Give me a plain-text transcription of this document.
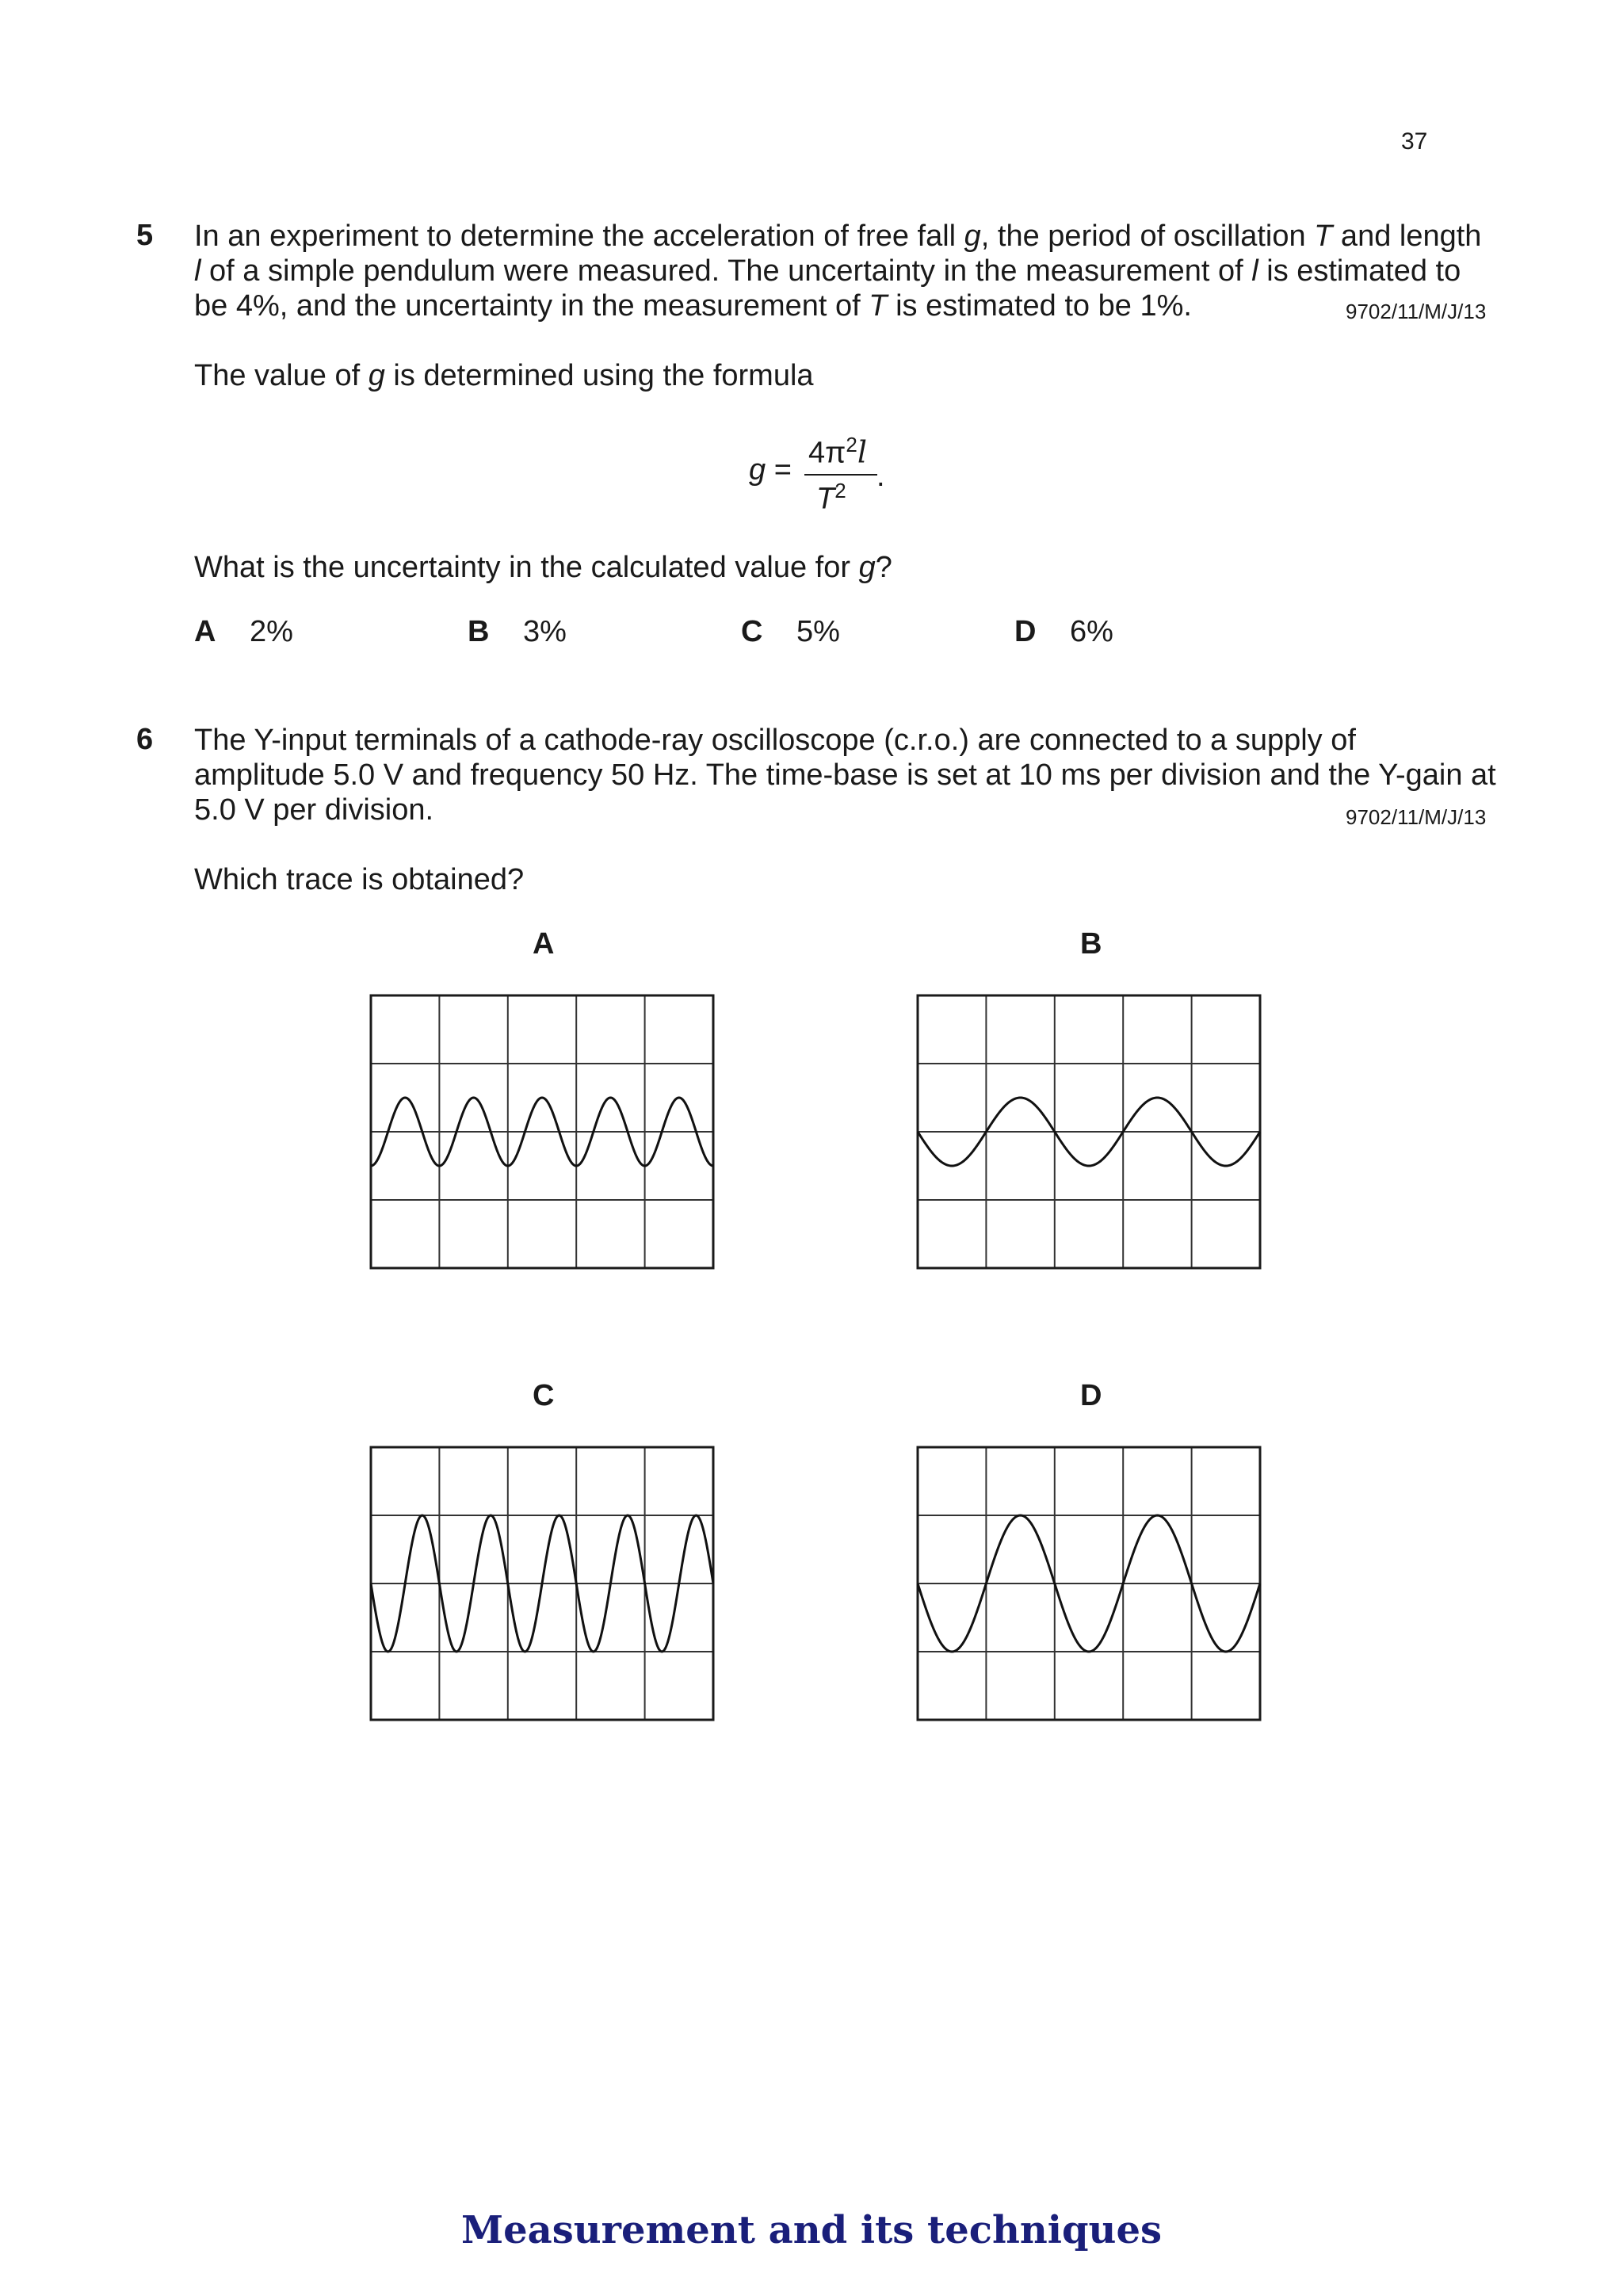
37
5 In an experiment to determine the acceleration of free fall g, the period of oscillation T and length
l of a simple pendulum were measured. The uncertainty in the measurement of l is estimated to
be 4%, and the uncertainty in the measurement of T is estimated to be 1%.	9702/11/M/J/13
The value of g is determined using the formula
g =
$4\pi^2l$
$T^2$ .
What is the uncertainty in the calculated value for g?
A 2%	B 3%	C 5%	D 6%
6 The Y-input terminals of a cathode-ray oscilloscope (c.r.o.) are connected to a supply of
amplitude 5.0 V and frequency 50 Hz. The time-base is set at 10 ms per division and the Y-gain at
5.0 V per division.	9702/11/M/J/13
Which trace is obtained?
A	B
C	D
Measurement and its techniques
